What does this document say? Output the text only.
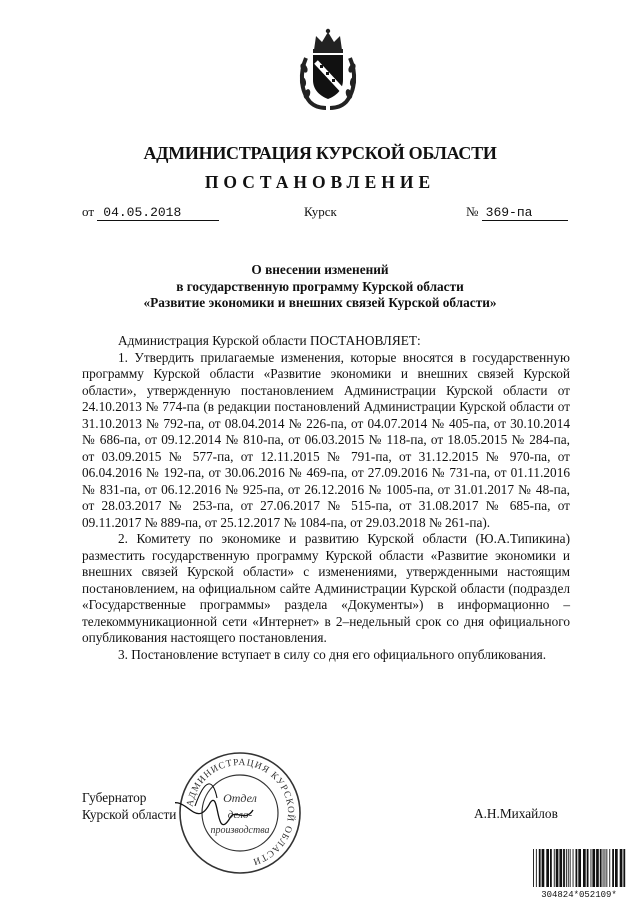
АДМИНИСТРАЦИЯ КУРСКОЙ ОБЛАСТИ
ПОСТАНОВЛЕНИЕ
от 04.05.2018	Курск	№ 369-па
О внесении изменений
в государственную программу Курской области
«Развитие экономики и внешних связей Курской области»

Администрация Курской области ПОСТАНОВЛЯЕТ:

1. Утвердить прилагаемые изменения, которые вносятся в государственную программу Курской области «Развитие экономики и внешних связей Курской области», утвержденную постановлением Администрации Курской области от 24.10.2013 № 774-па (в редакции постановлений Администрации Курской области от 31.10.2013 № 792-па, от 08.04.2014 № 226-па, от 04.07.2014 № 405-па, от 30.10.2014 № 686-па, от 09.12.2014 № 810-па, от 06.03.2015 № 118-па, от 18.05.2015 № 284-па, от 03.09.2015 № 577-па, от 12.11.2015 № 791-па, от 31.12.2015 № 970-па, от 06.04.2016 № 192-па, от 30.06.2016 № 469-па, от 27.09.2016 № 731-па, от 01.11.2016 № 831-па, от 06.12.2016 № 925-па, от 26.12.2016 № 1005-па, от 31.01.2017 № 48-па, от 28.03.2017 № 253-па, от 27.06.2017 № 515-па, от 31.08.2017 № 685-па, от 09.11.2017 № 889-па, от 25.12.2017 № 1084-па, от 29.03.2018 № 261-па).

2. Комитету по экономике и развитию Курской области (Ю.А.Типикина) разместить государственную программу Курской области «Развитие экономики и внешних связей Курской области» с изменениями, утвержденными настоящим постановлением, на официальном сайте Администрации Курской области (подраздел «Государственные программы» раздела «Документы») в информационно – телекоммуникационной сети «Интернет» в 2–недельный срок со дня официального опубликования настоящего постановления.

3. Постановление вступает в силу со дня его официального опубликования.

Губернатор
Курской области	А.Н.Михайлов
АДМИНИСТРАЦИЯ КУРСКОЙ ОБЛАСТИ
Отдел
дело-
производства
304824*052109*
